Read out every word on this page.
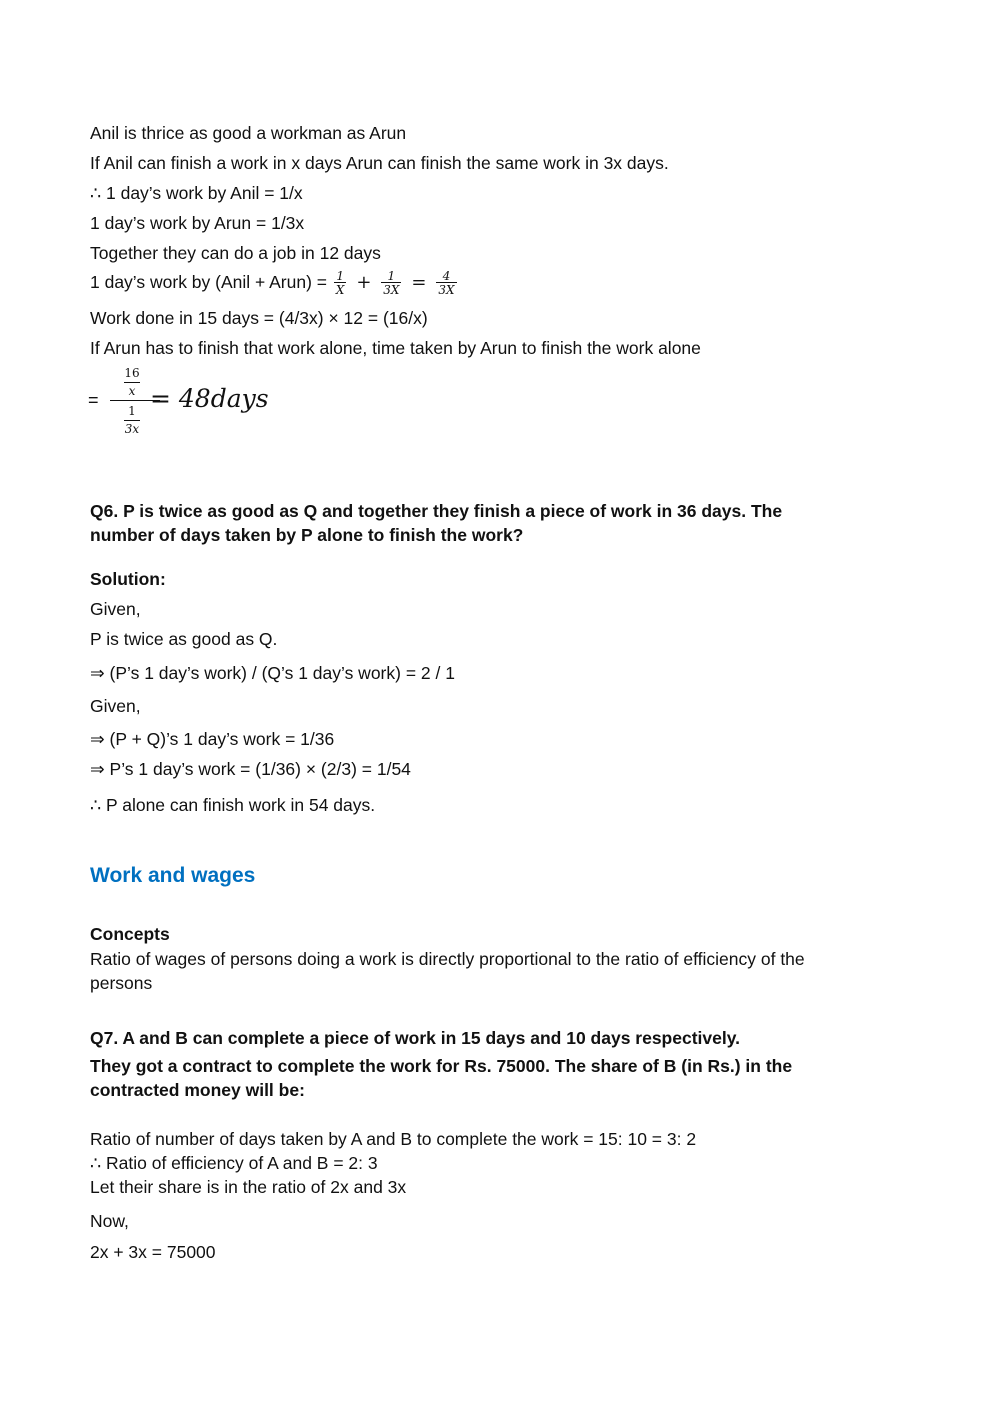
Anil is thrice as good a workman as Arun
If Anil can finish a work in x days Arun can finish the same work in 3x days.
∴ 1 day’s work by Anil = 1/x
1 day’s work by Arun = 1/3x
Together they can do a job in 12 days
1 day’s work by (Anil + Arun) = $\frac{1}{X} + \frac{1}{3X} = \frac{4}{3X}$
Work done in 15 days = (4/3x) × 12 = (16/x)
If Arun has to finish that work alone, time taken by Arun to finish the work alone
=
16
x
1
3x
= 48days
Q6. P is twice as good as Q and together they finish a piece of work in 36 days. The
number of days taken by P alone to finish the work?
Solution:
Given,
P is twice as good as Q.
⇒ (P’s 1 day’s work) / (Q’s 1 day’s work) = 2 / 1
Given,
⇒ (P + Q)’s 1 day’s work = 1/36
⇒ P’s 1 day’s work = (1/36) × (2/3) = 1/54
∴ P alone can finish work in 54 days.
Work and wages
Concepts
Ratio of wages of persons doing a work is directly proportional to the ratio of efficiency of the
persons
Q7. A and B can complete a piece of work in 15 days and 10 days respectively.
They got a contract to complete the work for Rs. 75000. The share of B (in Rs.) in the
contracted money will be:
Ratio of number of days taken by A and B to complete the work = 15: 10 = 3: 2
∴ Ratio of efficiency of A and B = 2: 3
Let their share is in the ratio of 2x and 3x
Now,
2x + 3x = 75000
